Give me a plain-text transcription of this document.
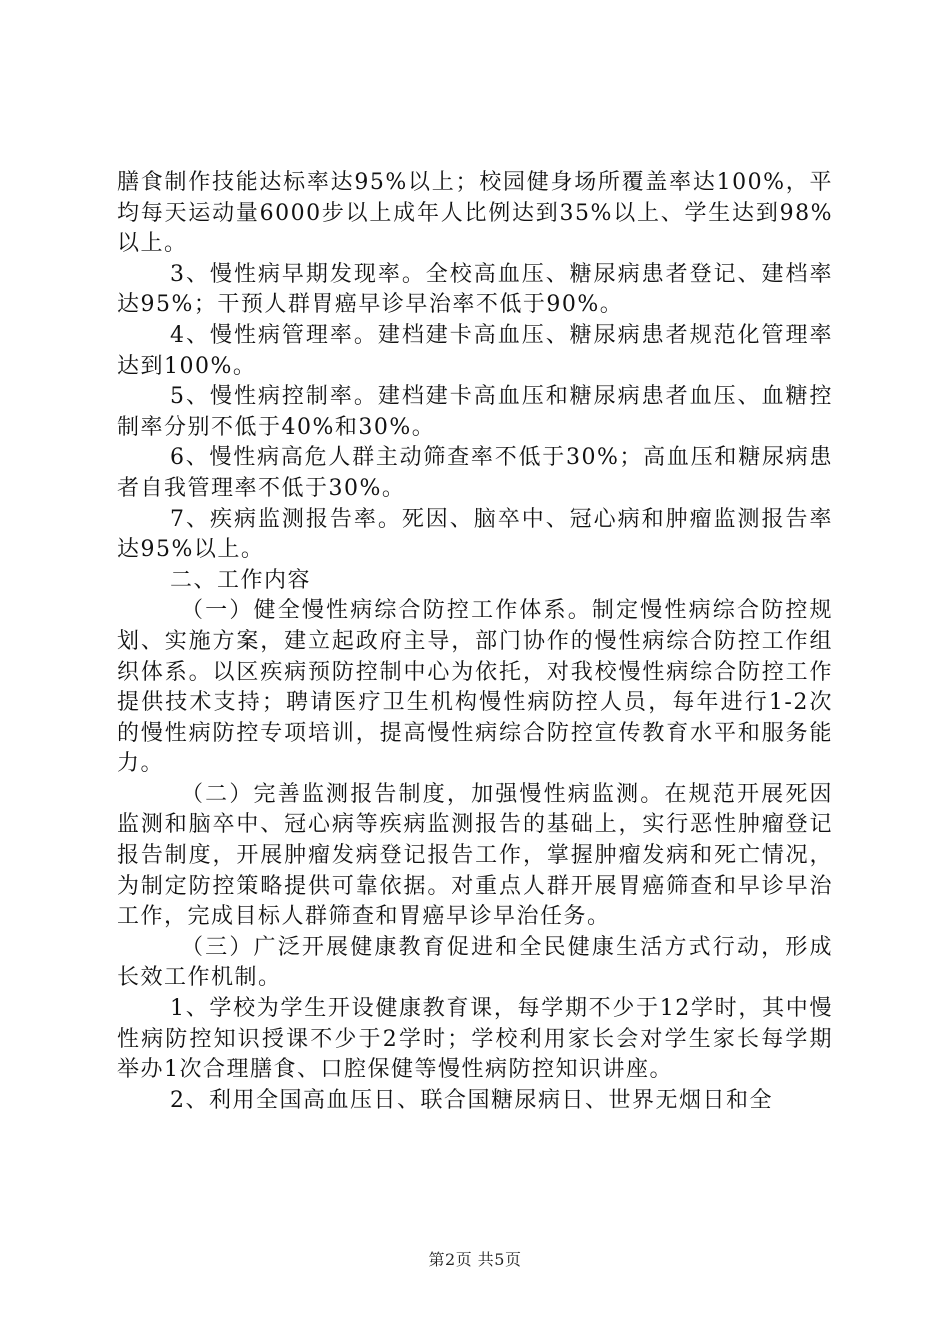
膳食制作技能达标率达95%以上；校园健身场所覆盖率达100%，平均每天运动量6000步以上成年人比例达到35%以上、学生达到98%以上。

3、慢性病早期发现率。全校高血压、糖尿病患者登记、建档率达95%；干预人群胃癌早诊早治率不低于90%。

4、慢性病管理率。建档建卡高血压、糖尿病患者规范化管理率达到100%。

5、慢性病控制率。建档建卡高血压和糖尿病患者血压、血糖控制率分别不低于40%和30%。

6、慢性病高危人群主动筛查率不低于30%；高血压和糖尿病患者自我管理率不低于30%。

7、疾病监测报告率。死因、脑卒中、冠心病和肿瘤监测报告率达95%以上。

二、工作内容

（一）健全慢性病综合防控工作体系。制定慢性病综合防控规划、实施方案，建立起政府主导，部门协作的慢性病综合防控工作组织体系。以区疾病预防控制中心为依托，对我校慢性病综合防控工作提供技术支持；聘请医疗卫生机构慢性病防控人员，每年进行1-2次的慢性病防控专项培训，提高慢性病综合防控宣传教育水平和服务能力。

（二）完善监测报告制度，加强慢性病监测。在规范开展死因监测和脑卒中、冠心病等疾病监测报告的基础上，实行恶性肿瘤登记报告制度，开展肿瘤发病登记报告工作，掌握肿瘤发病和死亡情况，为制定防控策略提供可靠依据。对重点人群开展胃癌筛查和早诊早治工作，完成目标人群筛查和胃癌早诊早治任务。

（三）广泛开展健康教育促进和全民健康生活方式行动，形成长效工作机制。

1、学校为学生开设健康教育课，每学期不少于12学时，其中慢性病防控知识授课不少于2学时；学校利用家长会对学生家长每学期举办1次合理膳食、口腔保健等慢性病防控知识讲座。

2、利用全国高血压日、联合国糖尿病日、世界无烟日和全

第2页 共5页
